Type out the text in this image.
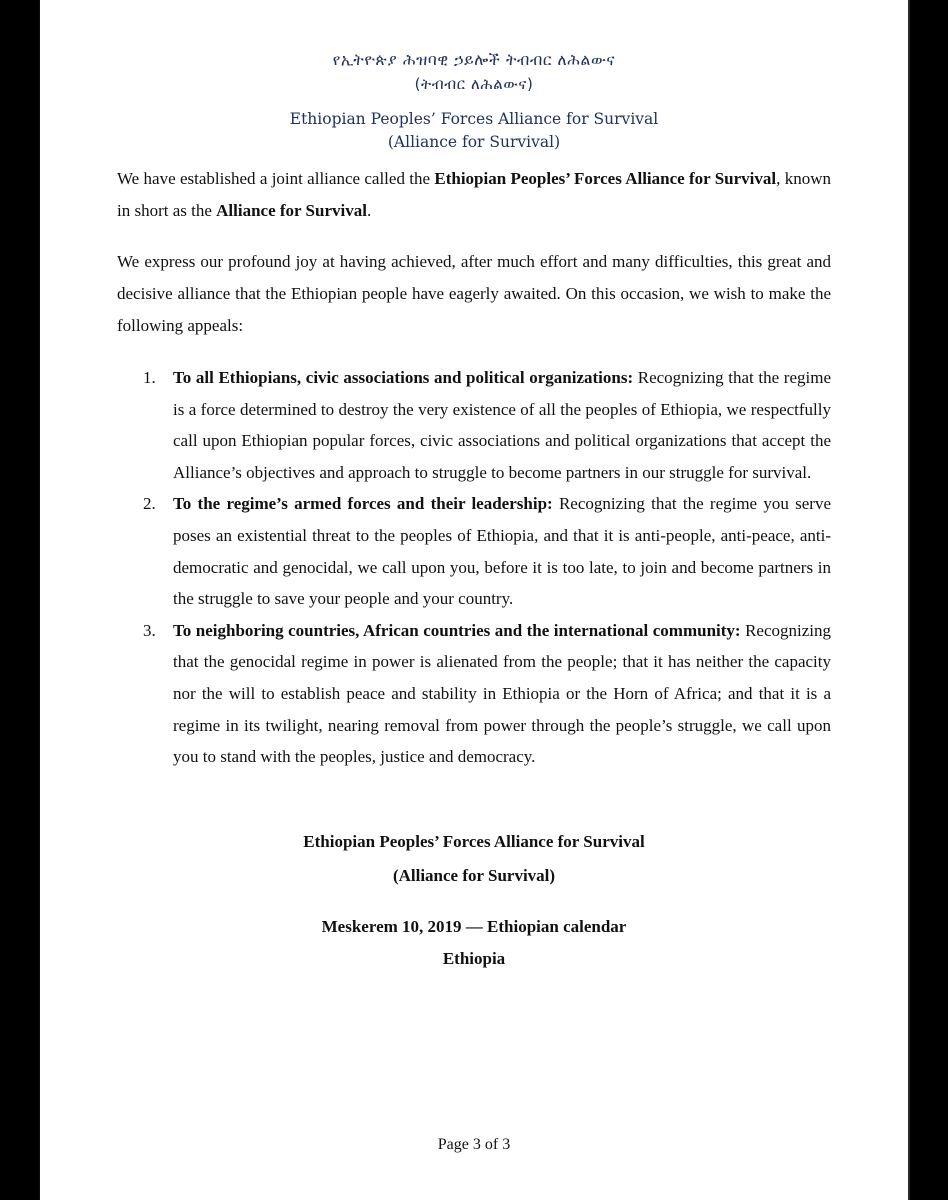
የኢትዮጵያ ሕዝባዊ ኃይሎች ትብብር ለሕልውና
(ትብብር ለሕልውና)
Ethiopian Peoples’ Forces Alliance for Survival
(Alliance for Survival)

We have established a joint alliance called the Ethiopian Peoples’ Forces Alliance for Survival, known in short as the Alliance for Survival.

We express our profound joy at having achieved, after much effort and many difficulties, this great and decisive alliance that the Ethiopian people have eagerly awaited. On this occasion, we wish to make the following appeals:

1. To all Ethiopians, civic associations and political organizations: Recognizing that the regime is a force determined to destroy the very existence of all the peoples of Ethiopia, we respectfully call upon Ethiopian popular forces, civic associations and political organizations that accept the Alliance’s objectives and approach to struggle to become partners in our struggle for survival.
2. To the regime’s armed forces and their leadership: Recognizing that the regime you serve poses an existential threat to the peoples of Ethiopia, and that it is anti-people, anti-peace, anti-democratic and genocidal, we call upon you, before it is too late, to join and become partners in the struggle to save your people and your country.
3. To neighboring countries, African countries and the international community: Recognizing that the genocidal regime in power is alienated from the people; that it has neither the capacity nor the will to establish peace and stability in Ethiopia or the Horn of Africa; and that it is a regime in its twilight, nearing removal from power through the people’s struggle, we call upon you to stand with the peoples, justice and democracy.
Ethiopian Peoples’ Forces Alliance for Survival
(Alliance for Survival)
Meskerem 10, 2019 — Ethiopian calendar
Ethiopia
Page 3 of 3
